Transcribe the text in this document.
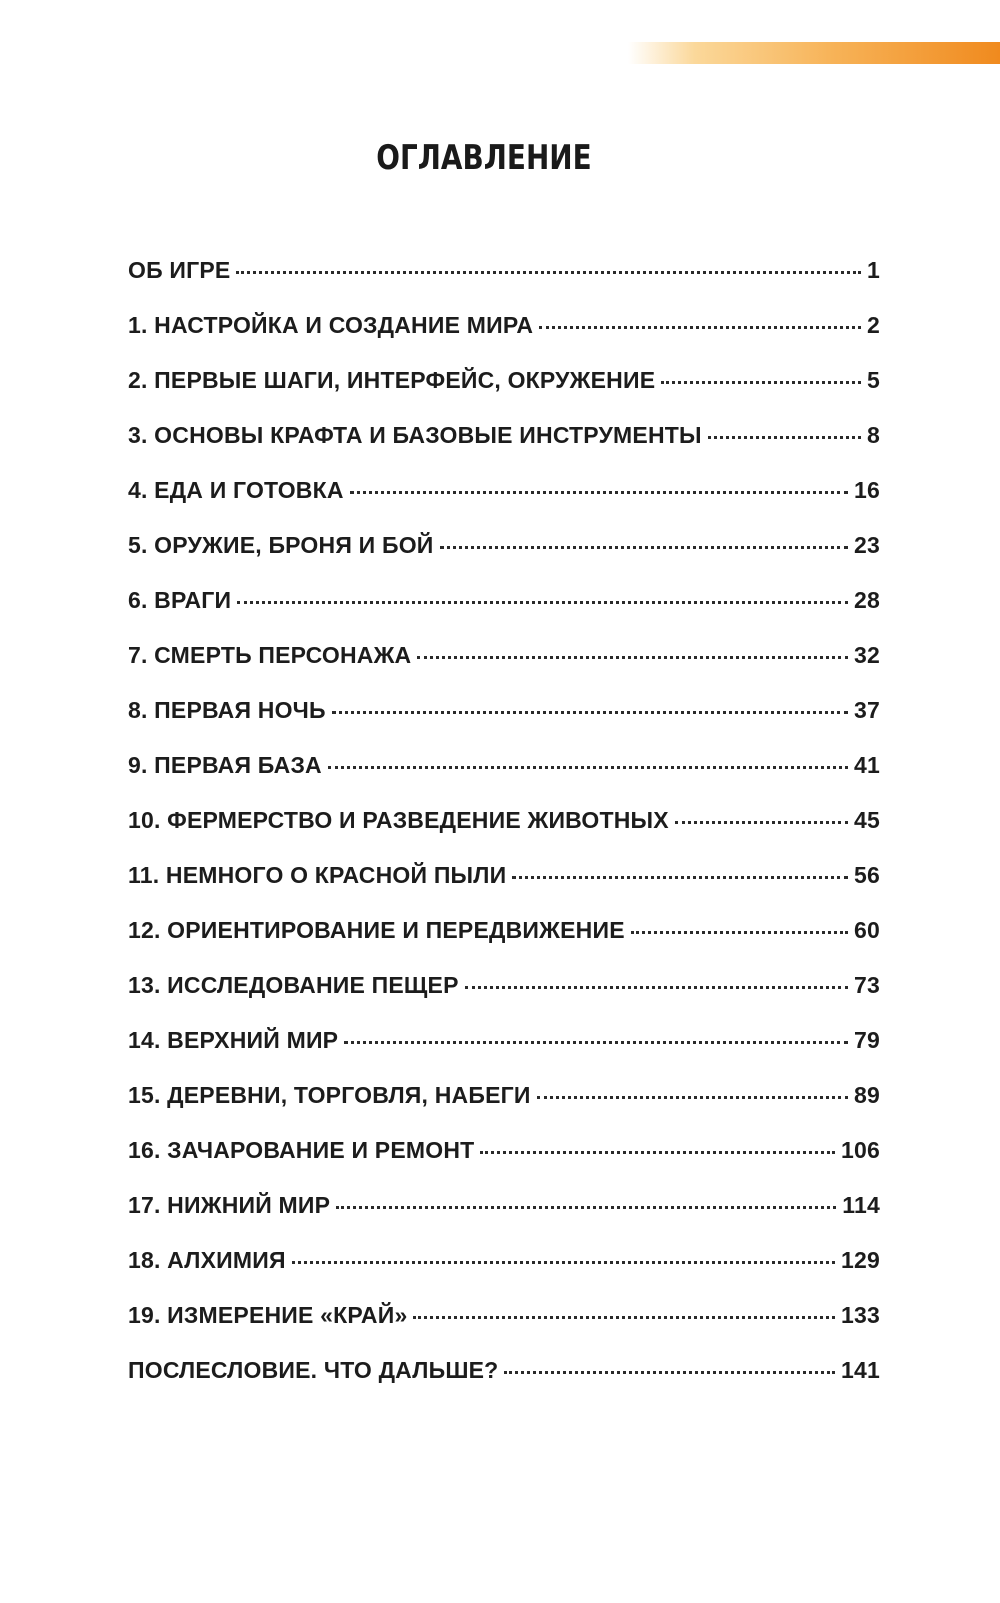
ОГЛАВЛЕНИЕ
ОБ ИГРЕ	1
1. НАСТРОЙКА И СОЗДАНИЕ МИРА	2
2. ПЕРВЫЕ ШАГИ, ИНТЕРФЕЙС, ОКРУЖЕНИЕ	5
3. ОСНОВЫ КРАФТА И БАЗОВЫЕ ИНСТРУМЕНТЫ	8
4. ЕДА И ГОТОВКА	16
5. ОРУЖИЕ, БРОНЯ И БОЙ	23
6. ВРАГИ	28
7. СМЕРТЬ ПЕРСОНАЖА	32
8. ПЕРВАЯ НОЧЬ	37
9. ПЕРВАЯ БАЗА	41
10. ФЕРМЕРСТВО И РАЗВЕДЕНИЕ ЖИВОТНЫХ	45
11. НЕМНОГО О КРАСНОЙ ПЫЛИ	56
12. ОРИЕНТИРОВАНИЕ И ПЕРЕДВИЖЕНИЕ	60
13. ИССЛЕДОВАНИЕ ПЕЩЕР	73
14. ВЕРХНИЙ МИР	79
15. ДЕРЕВНИ, ТОРГОВЛЯ, НАБЕГИ	89
16. ЗАЧАРОВАНИЕ И РЕМОНТ	106
17. НИЖНИЙ МИР	114
18. АЛХИМИЯ	129
19. ИЗМЕРЕНИЕ «КРАЙ»	133
ПОСЛЕСЛОВИЕ. ЧТО ДАЛЬШЕ?	141
